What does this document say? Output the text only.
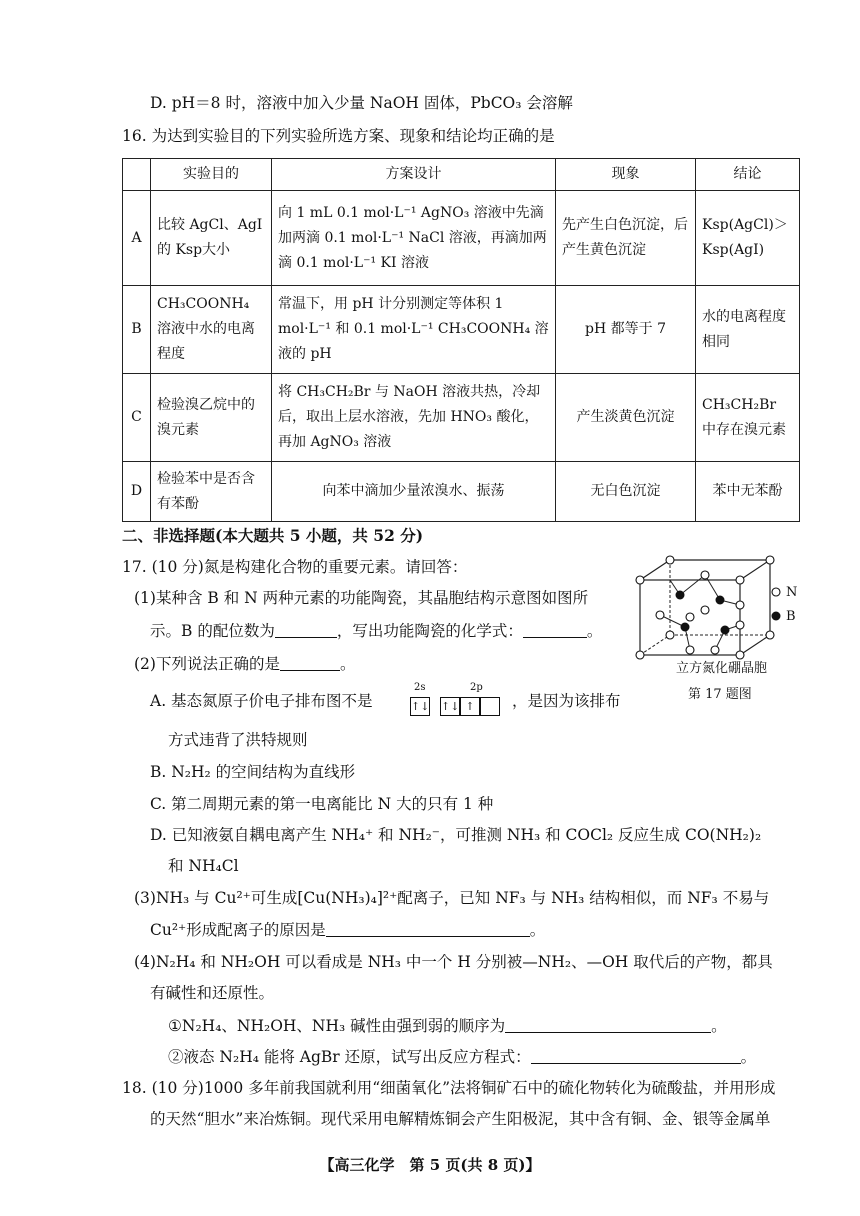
D. pH＝8 时，溶液中加入少量 NaOH 固体，PbCO₃ 会溶解
16. 为达到实验目的下列实验所选方案、现象和结论均正确的是
	实验目的	方案设计	现象	结论
A	比较 AgCl、AgI 的 Ksp大小	向 1 mL 0.1 mol·L⁻¹ AgNO₃ 溶液中先滴加两滴 0.1 mol·L⁻¹ NaCl 溶液，再滴加两滴 0.1 mol·L⁻¹ KI 溶液	先产生白色沉淀，后产生黄色沉淀	Ksp(AgCl)＞Ksp(AgI)
B	CH₃COONH₄ 溶液中水的电离程度	常温下，用 pH 计分别测定等体积 1 mol·L⁻¹ 和 0.1 mol·L⁻¹ CH₃COONH₄ 溶液的 pH	pH 都等于 7	水的电离程度相同
C	检验溴乙烷中的溴元素	将 CH₃CH₂Br 与 NaOH 溶液共热，冷却后，取出上层水溶液，先加 HNO₃ 酸化，再加 AgNO₃ 溶液	产生淡黄色沉淀	CH₃CH₂Br 中存在溴元素
D	检验苯中是否含有苯酚	向苯中滴加少量浓溴水、振荡	无白色沉淀	苯中无苯酚
二、非选择题(本大题共 5 小题，共 52 分)
17. (10 分)氮是构建化合物的重要元素。请回答：
(1)某种含 B 和 N 两种元素的功能陶瓷，其晶胞结构示意图如图所
示。B 的配位数为	，写出功能陶瓷的化学式：	。
(2)下列说法正确的是	。
A. 基态氮原子价电子排布图不是
2s
↑↓
2p
↑↓ ↑	，是因为该排布
方式违背了洪特规则
B. N₂H₂ 的空间结构为直线形
C. 第二周期元素的第一电离能比 N 大的只有 1 种
D. 已知液氨自耦电离产生 NH₄⁺ 和 NH₂⁻，可推测 NH₃ 和 COCl₂ 反应生成 CO(NH₂)₂
和 NH₄Cl
(3)NH₃ 与 Cu²⁺可生成[Cu(NH₃)₄]²⁺配离子，已知 NF₃ 与 NH₃ 结构相似，而 NF₃ 不易与
Cu²⁺形成配离子的原因是	。
(4)N₂H₄ 和 NH₂OH 可以看成是 NH₃ 中一个 H 分别被—NH₂、—OH 取代后的产物，都具
有碱性和还原性。
①N₂H₄、NH₂OH、NH₃ 碱性由强到弱的顺序为	。
②液态 N₂H₄ 能将 AgBr 还原，试写出反应方程式：	。
N
B
立方氮化硼晶胞
第 17 题图
18. (10 分)1000 多年前我国就利用“细菌氧化”法将铜矿石中的硫化物转化为硫酸盐，并用形成
的天然“胆水”来冶炼铜。现代采用电解精炼铜会产生阳极泥，其中含有铜、金、银等金属单
【高三化学　第 5 页(共 8 页)】
